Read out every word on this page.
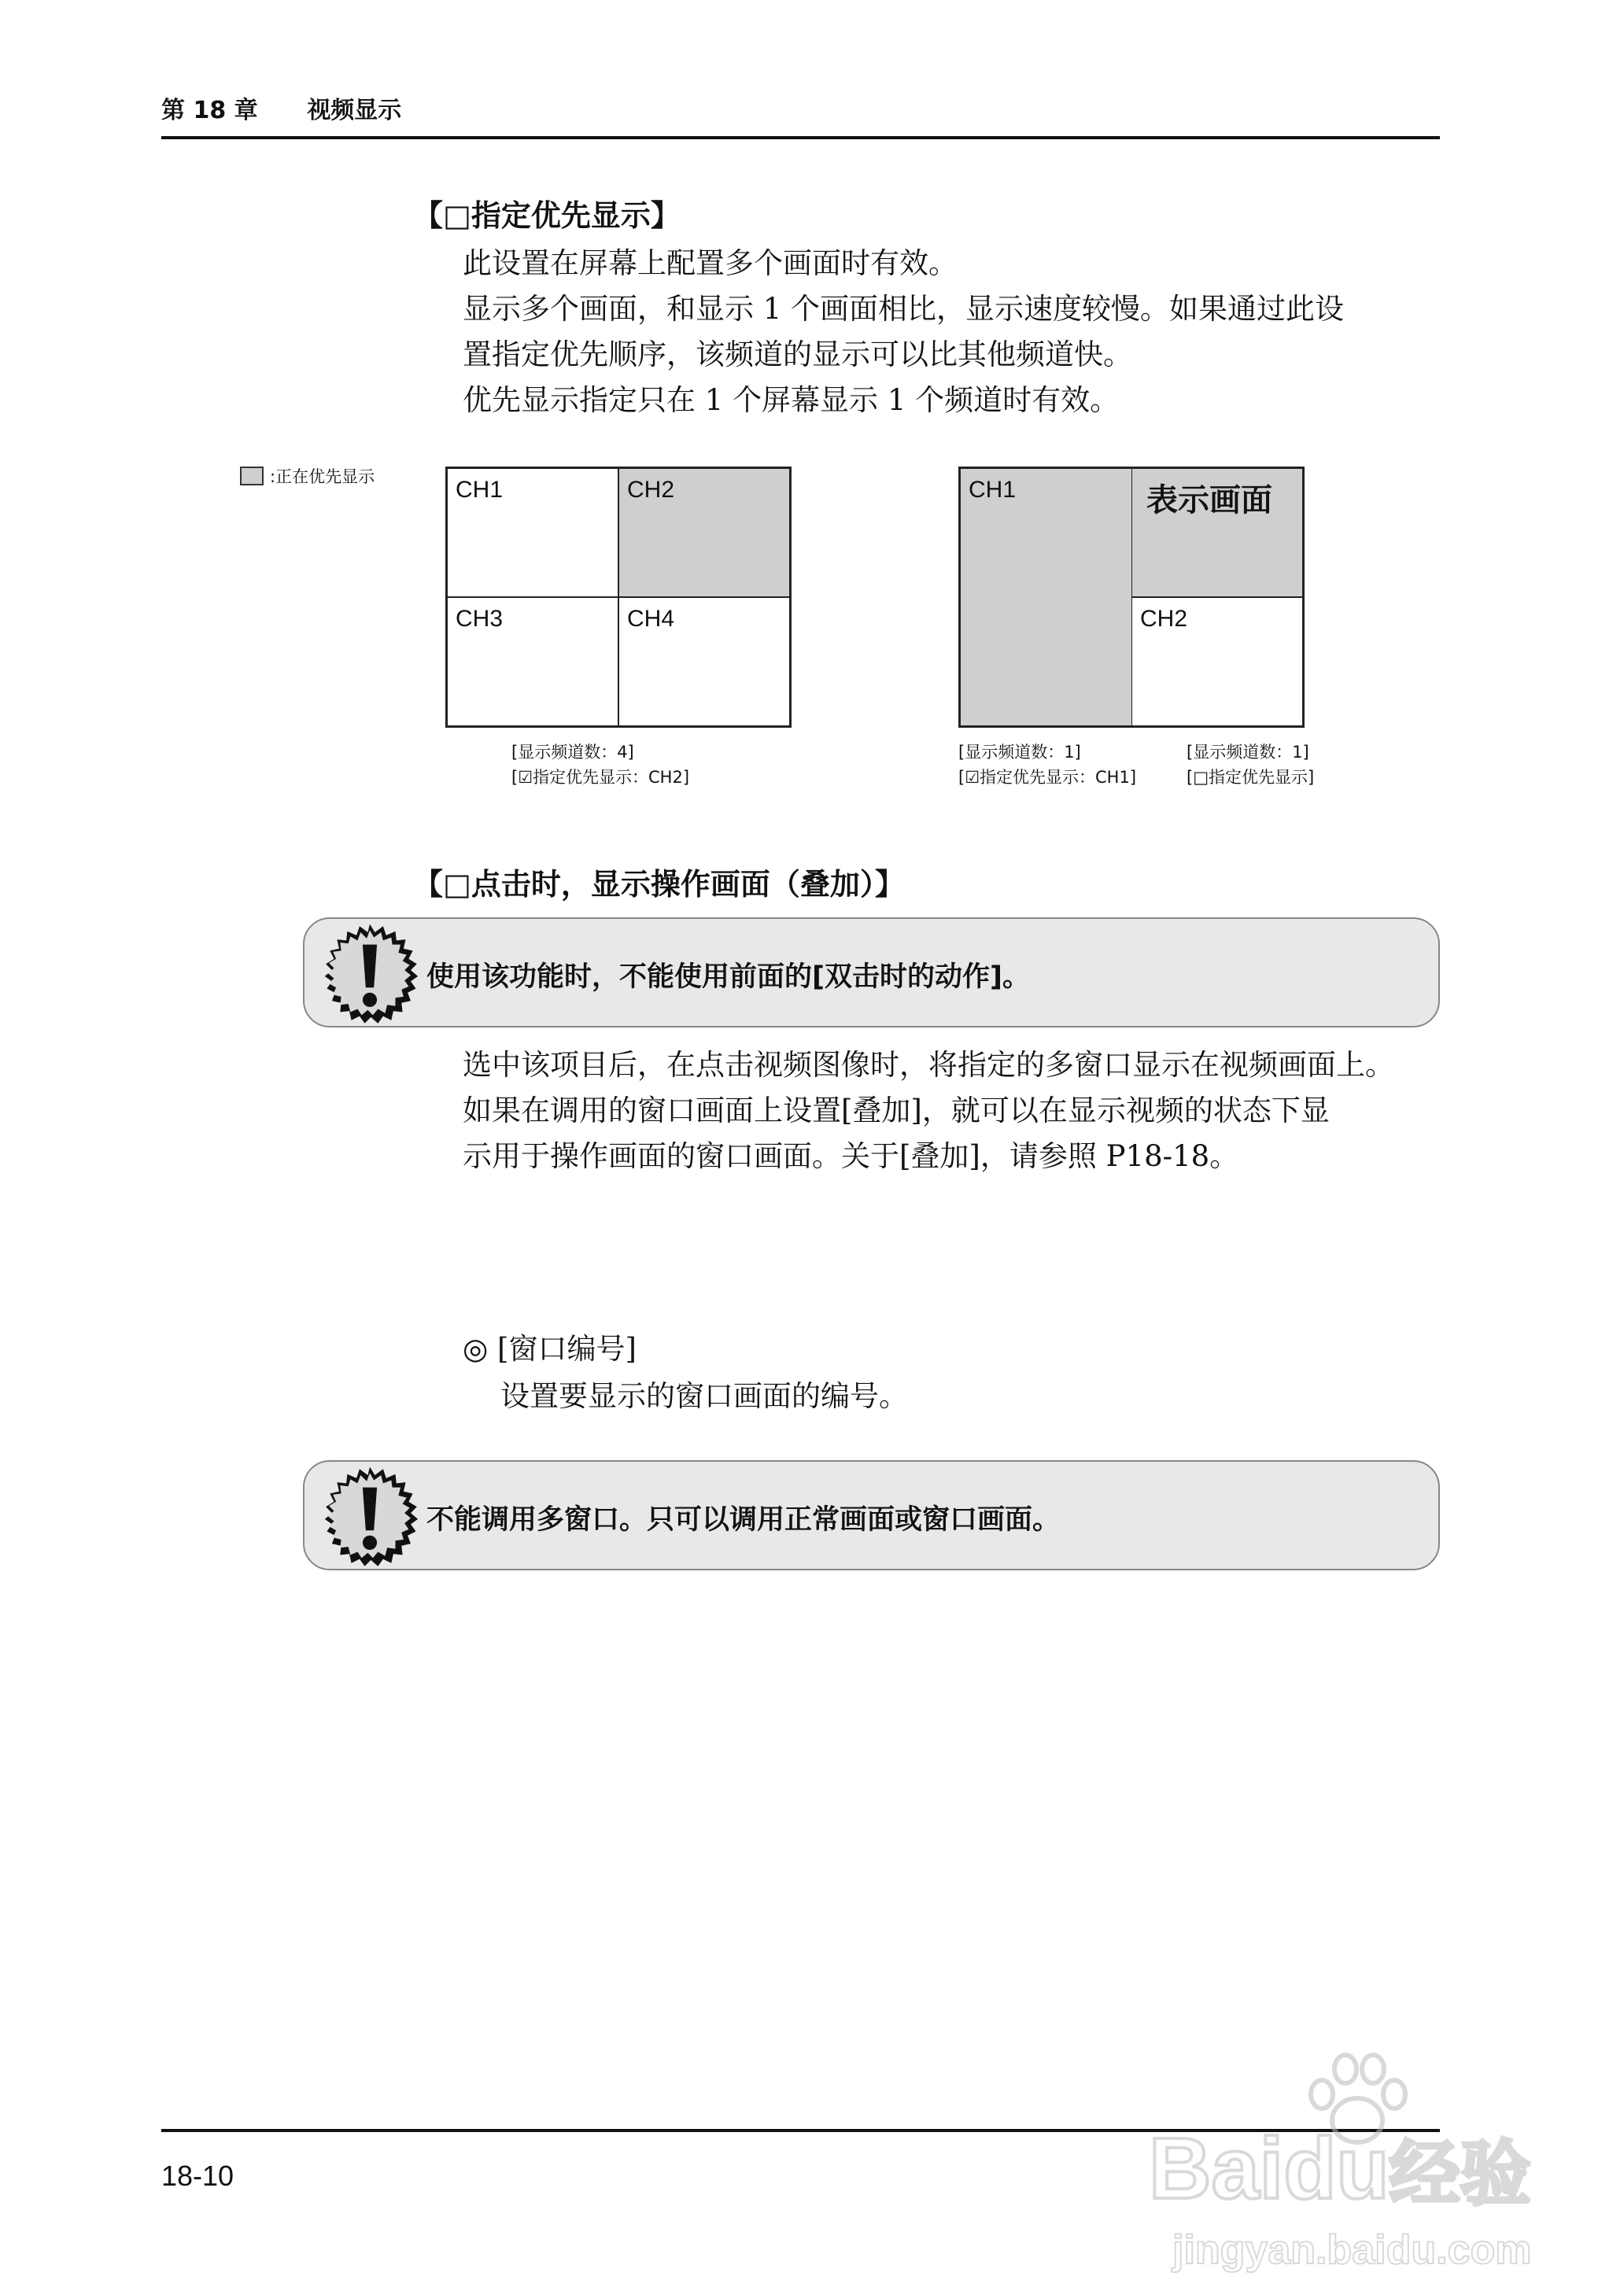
第 18 章 视频显示
【□指定优先显示】
此设置在屏幕上配置多个画面时有效。
显示多个画面，和显示 1 个画面相比，显示速度较慢。如果通过此设
置指定优先顺序，该频道的显示可以比其他频道快。
优先显示指定只在 1 个屏幕显示 1 个频道时有效。
:正在优先显示	CH1	CH2
CH3	CH4
[显示频道数：4]
[☑指定优先显示：CH2]
CH1	表示画面
CH2
[显示频道数：1]
[☑指定优先显示：CH1]
[显示频道数：1]
[□指定优先显示]
【□点击时，显示操作画面（叠加）】
使用该功能时，不能使用前面的[双击时的动作]。
选中该项目后，在点击视频图像时，将指定的多窗口显示在视频画面上。
如果在调用的窗口画面上设置[叠加]，就可以在显示视频的状态下显
示用于操作画面的窗口画面。关于[叠加]，请参照 P18-18。
◎ [窗口编号]
设置要显示的窗口画面的编号。
不能调用多窗口。只可以调用正常画面或窗口画面。
18-10	Baidu经验
jingyan.baidu.com
